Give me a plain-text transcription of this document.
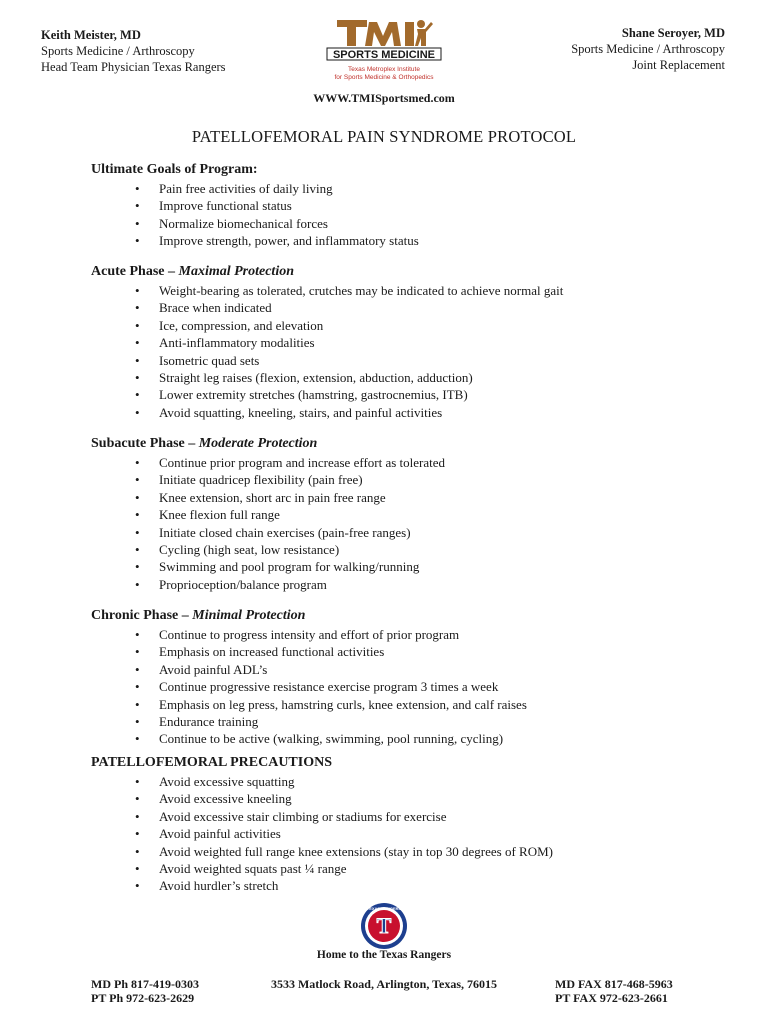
Keith Meister, MD
Sports Medicine / Arthroscopy
Head Team Physician Texas Rangers
Shane Seroyer, MD
Sports Medicine / Arthroscopy
Joint Replacement
SPORTS MEDICINE
Texas Metroplex Institute
for Sports Medicine & Orthopedics
WWW.TMISportsmed.com
PATELLOFEMORAL PAIN SYNDROME PROTOCOL
Ultimate Goals of Program:
• Pain free activities of daily living
• Improve functional status
• Normalize biomechanical forces
• Improve strength, power, and inflammatory status
Acute Phase – Maximal Protection
• Weight-bearing as tolerated, crutches may be indicated to achieve normal gait
• Brace when indicated
• Ice, compression, and elevation
• Anti-inflammatory modalities
• Isometric quad sets
• Straight leg raises (flexion, extension, abduction, adduction)
• Lower extremity stretches (hamstring, gastrocnemius, ITB)
• Avoid squatting, kneeling, stairs, and painful activities
Subacute Phase – Moderate Protection
• Continue prior program and increase effort as tolerated
• Initiate quadricep flexibility (pain free)
• Knee extension, short arc in pain free range
• Knee flexion full range
• Initiate closed chain exercises (pain-free ranges)
• Cycling (high seat, low resistance)
• Swimming and pool program for walking/running
• Proprioception/balance program
Chronic Phase – Minimal Protection
• Continue to progress intensity and effort of prior program
• Emphasis on increased functional activities
• Avoid painful ADL’s
• Continue progressive resistance exercise program 3 times a week
• Emphasis on leg press, hamstring curls, knee extension, and calf raises
• Endurance training
• Continue to be active (walking, swimming, pool running, cycling)
PATELLOFEMORAL PRECAUTIONS
• Avoid excessive squatting
• Avoid excessive kneeling
• Avoid excessive stair climbing or stadiums for exercise
• Avoid painful activities
• Avoid weighted full range knee extensions (stay in top 30 degrees of ROM)
• Avoid weighted squats past ¼ range
• Avoid hurdler’s stretch
T
TEXAS RANGERS
Home to the Texas Rangers
MD Ph 817-419-0303
PT Ph 972-623-2629
3533 Matlock Road, Arlington, Texas, 76015	MD FAX 817-468-5963
PT FAX 972-623-2661
